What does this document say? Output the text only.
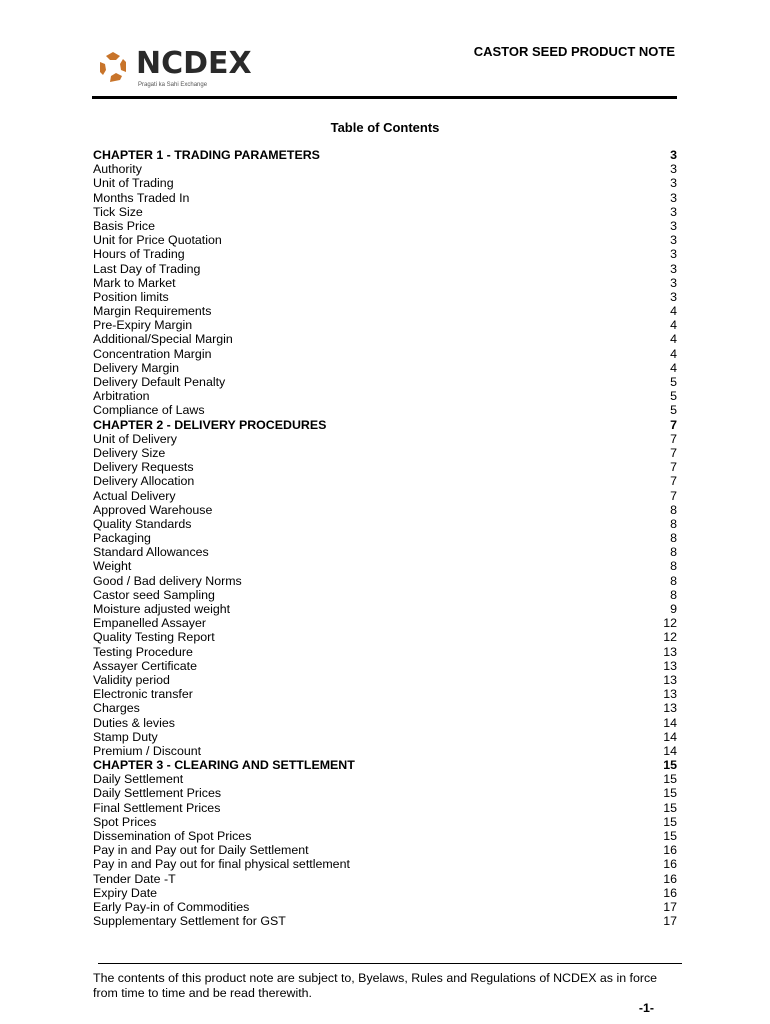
NCDEX
Pragati ka Sahi Exchange
CASTOR SEED PRODUCT NOTE
Table of Contents
CHAPTER 1 - TRADING PARAMETERS	3
Authority	3
Unit of Trading	3
Months Traded In	3
Tick Size	3
Basis Price	3
Unit for Price Quotation	3
Hours of Trading	3
Last Day of Trading	3
Mark to Market	3
Position limits	3
Margin Requirements	4
Pre-Expiry Margin	4
Additional/Special Margin	4
Concentration Margin	4
Delivery Margin	4
Delivery Default Penalty	5
Arbitration	5
Compliance of Laws	5
CHAPTER 2 - DELIVERY PROCEDURES	7
Unit of Delivery	7
Delivery Size	7
Delivery Requests	7
Delivery Allocation	7
Actual Delivery	7
Approved Warehouse	8
Quality Standards	8
Packaging	8
Standard Allowances	8
Weight	8
Good / Bad delivery Norms	8
Castor seed Sampling	8
Moisture adjusted weight	9
Empanelled Assayer	12
Quality Testing Report	12
Testing Procedure	13
Assayer Certificate	13
Validity period	13
Electronic transfer	13
Charges	13
Duties & levies	14
Stamp Duty	14
Premium / Discount	14
CHAPTER 3 - CLEARING AND SETTLEMENT	15
Daily Settlement	15
Daily Settlement Prices	15
Final Settlement Prices	15
Spot Prices	15
Dissemination of Spot Prices	15
Pay in and Pay out for Daily Settlement	16
Pay in and Pay out for final physical settlement	16
Tender Date -T	16
Expiry Date	16
Early Pay-in of Commodities	17
Supplementary Settlement for GST	17
The contents of this product note are subject to, Byelaws, Rules and Regulations of NCDEX as in force from time to time and be read therewith.
-1-
